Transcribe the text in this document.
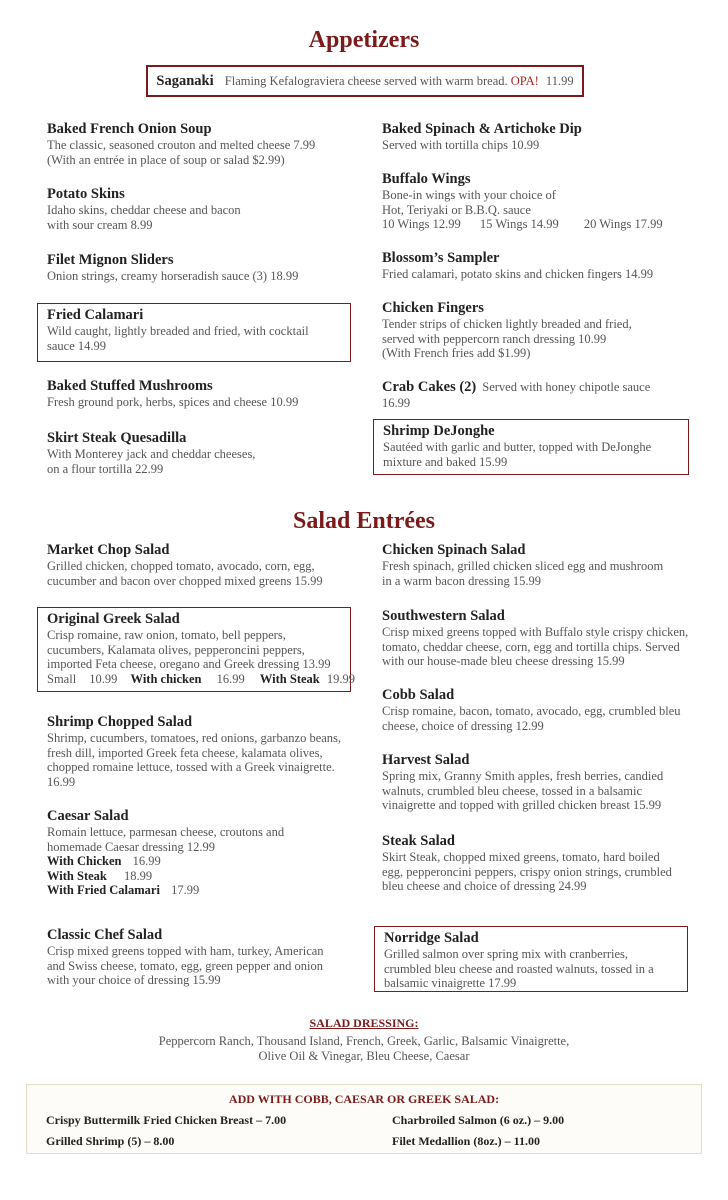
Appetizers
Saganaki Flaming Kefalograviera cheese served with warm bread. OPA! 11.99
Baked French Onion Soup
The classic, seasoned crouton and melted cheese 7.99
(With an entrée in place of soup or salad $2.99)
Potato Skins
Idaho skins, cheddar cheese and bacon
with sour cream 8.99
Filet Mignon Sliders
Onion strings, creamy horseradish sauce (3) 18.99
Fried Calamari
Wild caught, lightly breaded and fried, with cocktail
sauce 14.99
Baked Stuffed Mushrooms
Fresh ground pork, herbs, spices and cheese 10.99
Skirt Steak Quesadilla
With Monterey jack and cheddar cheeses,
on a flour tortilla 22.99
Baked Spinach & Artichoke Dip
Served with tortilla chips 10.99
Buffalo Wings
Bone-in wings with your choice of
Hot, Teriyaki or B.B.Q. sauce
10 Wings 12.99 15 Wings 14.99 20 Wings 17.99
Blossom’s Sampler
Fried calamari, potato skins and chicken fingers 14.99
Chicken Fingers
Tender strips of chicken lightly breaded and fried,
served with peppercorn ranch dressing 10.99
(With French fries add $1.99)
Crab Cakes (2) Served with honey chipotle sauce
16.99
Shrimp DeJonghe
Sautéed with garlic and butter, topped with DeJonghe
mixture and baked 15.99
Salad Entrées
Market Chop Salad
Grilled chicken, chopped tomato, avocado, corn, egg,
cucumber and bacon over chopped mixed greens 15.99
Original Greek Salad
Crisp romaine, raw onion, tomato, bell peppers,
cucumbers, Kalamata olives, pepperoncini peppers,
imported Feta cheese, oregano and Greek dressing 13.99
Small 10.99 With chicken 16.99 With Steak 19.99
Shrimp Chopped Salad
Shrimp, cucumbers, tomatoes, red onions, garbanzo beans,
fresh dill, imported Greek feta cheese, kalamata olives,
chopped romaine lettuce, tossed with a Greek vinaigrette.
16.99
Caesar Salad
Romain lettuce, parmesan cheese, croutons and
homemade Caesar dressing 12.99
With Chicken 16.99
With Steak 18.99
With Fried Calamari 17.99
Classic Chef Salad
Crisp mixed greens topped with ham, turkey, American
and Swiss cheese, tomato, egg, green pepper and onion
with your choice of dressing 15.99
Chicken Spinach Salad
Fresh spinach, grilled chicken sliced egg and mushroom
in a warm bacon dressing 15.99
Southwestern Salad
Crisp mixed greens topped with Buffalo style crispy chicken,
tomato, cheddar cheese, corn, egg and tortilla chips. Served
with our house-made bleu cheese dressing 15.99
Cobb Salad
Crisp romaine, bacon, tomato, avocado, egg, crumbled bleu
cheese, choice of dressing 12.99
Harvest Salad
Spring mix, Granny Smith apples, fresh berries, candied
walnuts, crumbled bleu cheese, tossed in a balsamic
vinaigrette and topped with grilled chicken breast 15.99
Steak Salad
Skirt Steak, chopped mixed greens, tomato, hard boiled
egg, pepperoncini peppers, crispy onion strings, crumbled
bleu cheese and choice of dressing 24.99
Norridge Salad
Grilled salmon over spring mix with cranberries,
crumbled bleu cheese and roasted walnuts, tossed in a
balsamic vinaigrette 17.99
SALAD DRESSING:
Peppercorn Ranch, Thousand Island, French, Greek, Garlic, Balsamic Vinaigrette,
Olive Oil & Vinegar, Bleu Cheese, Caesar
ADD WITH COBB, CAESAR OR GREEK SALAD:
Crispy Buttermilk Fried Chicken Breast – 7.00	Charbroiled Salmon (6 oz.) – 9.00
Grilled Shrimp (5) – 8.00	Filet Medallion (8oz.) – 11.00
